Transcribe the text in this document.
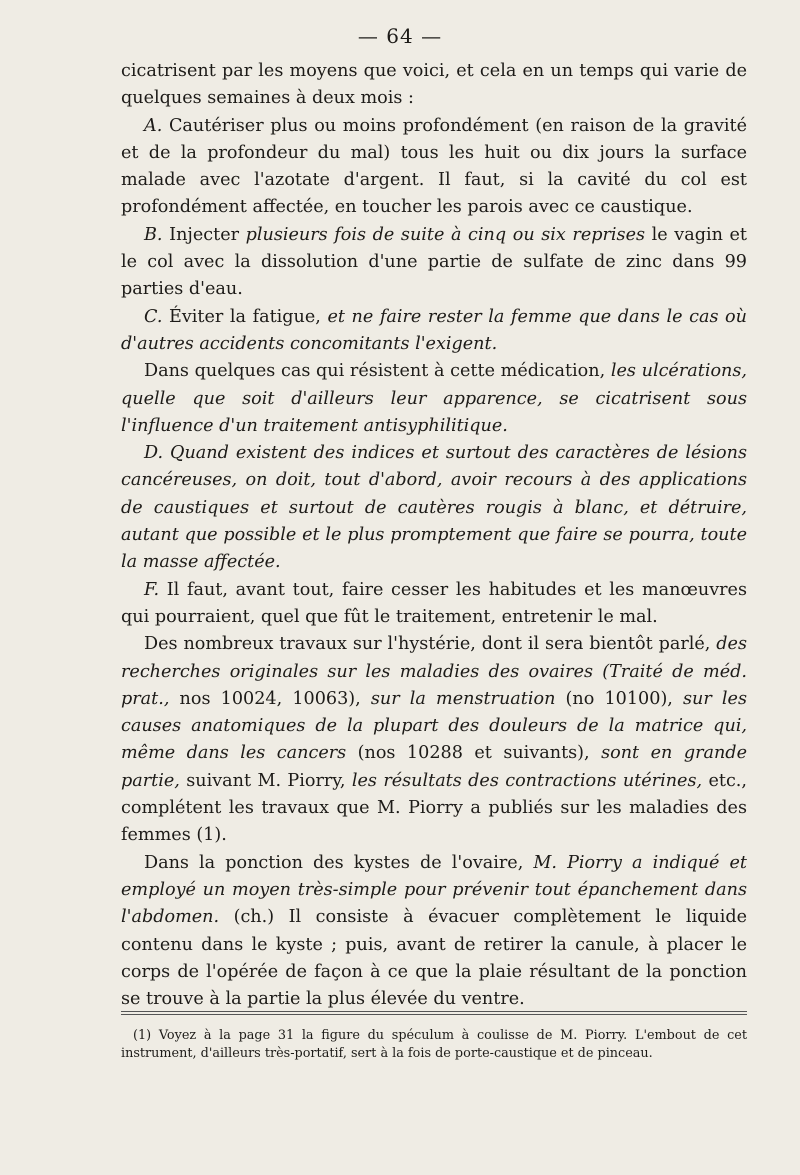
— 64 —

cicatrisent par les moyens que voici, et cela en un temps qui varie de quelques semaines à deux mois :

A. Cautériser plus ou moins profondément (en raison de la gravité et de la profondeur du mal) tous les huit ou dix jours la surface malade avec l'azotate d'argent. Il faut, si la cavité du col est profondément affectée, en toucher les parois avec ce caustique.

B. Injecter plusieurs fois de suite à cinq ou six reprises le vagin et le col avec la dissolution d'une partie de sulfate de zinc dans 99 parties d'eau.

C. Éviter la fatigue, et ne faire rester la femme que dans le cas où d'autres accidents concomitants l'exigent.

Dans quelques cas qui résistent à cette médication, les ulcérations, quelle que soit d'ailleurs leur apparence, se cicatrisent sous l'influence d'un traitement antisyphilitique.

D. Quand existent des indices et surtout des caractères de lésions cancéreuses, on doit, tout d'abord, avoir recours à des applications de caustiques et surtout de cautères rougis à blanc, et détruire, autant que possible et le plus promptement que faire se pourra, toute la masse affectée.

F. Il faut, avant tout, faire cesser les habitudes et les manœuvres qui pourraient, quel que fût le traitement, entretenir le mal.

Des nombreux travaux sur l'hystérie, dont il sera bientôt parlé, des recherches originales sur les maladies des ovaires (Traité de méd. prat., nos 10024, 10063), sur la menstruation (no 10100), sur les causes anatomiques de la plupart des douleurs de la matrice qui, même dans les cancers (nos 10288 et suivants), sont en grande partie, suivant M. Piorry, les résultats des contractions utérines, etc., complétent les travaux que M. Piorry a publiés sur les maladies des femmes (1).

Dans la ponction des kystes de l'ovaire, M. Piorry a indiqué et employé un moyen très-simple pour prévenir tout épanchement dans l'abdomen. (ch.) Il consiste à évacuer complètement le liquide contenu dans le kyste ; puis, avant de retirer la canule, à placer le corps de l'opérée de façon à ce que la plaie résultant de la ponction se trouve à la partie la plus élevée du ventre.

(1) Voyez à la page 31 la figure du spéculum à coulisse de M. Piorry. L'embout de cet instrument, d'ailleurs très-portatif, sert à la fois de porte-caustique et de pinceau.
